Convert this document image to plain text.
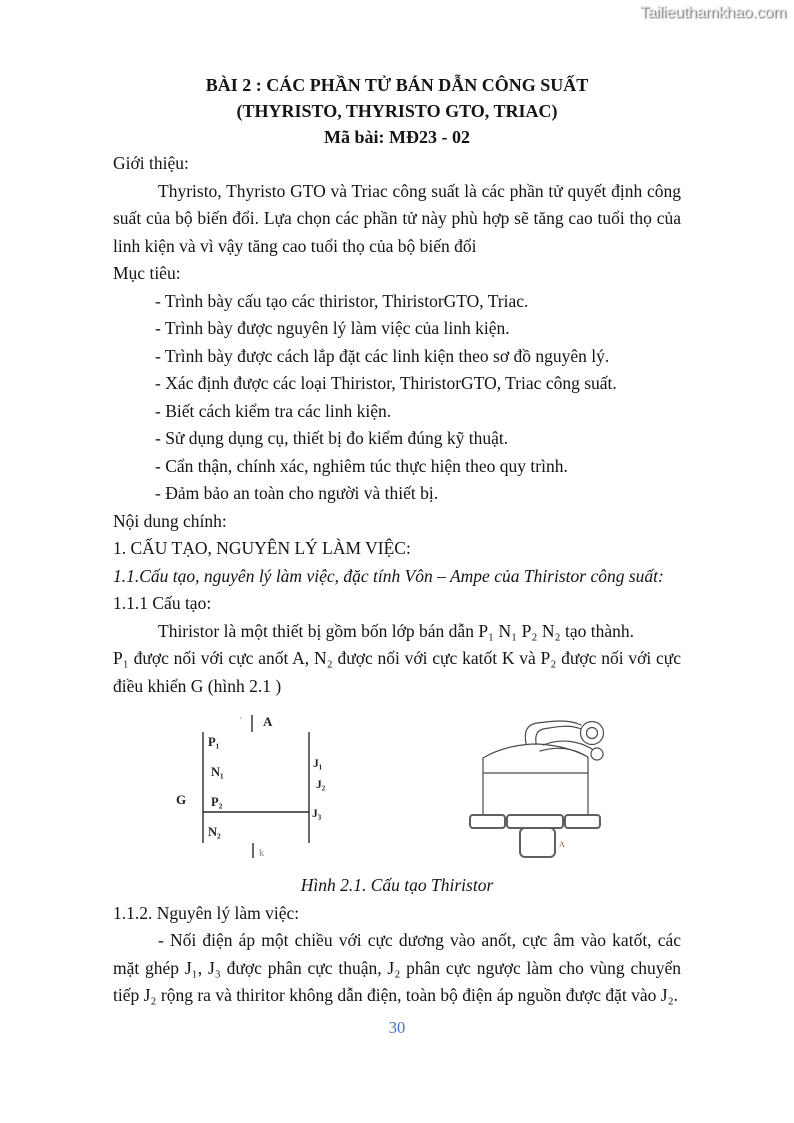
Tailieuthamkhao.com
BÀI 2 : CÁC PHẦN TỬ BÁN DẪN CÔNG SUẤT
(THYRISTO, THYRISTO GTO, TRIAC)
Mã bài: MĐ23 - 02
Giới thiệu:

Thyristo, Thyristo GTO và Triac công suất là các phần tử quyết định công suất của bộ biến đổi. Lựa chọn các phần tử này phù hợp sẽ tăng cao tuổi thọ của linh kiện và vì vậy tăng cao tuổi thọ của bộ biến đổi

Mục tiêu:
- Trình bày cấu tạo các thiristor, ThiristorGTO, Triac.
- Trình bày được nguyên lý làm việc của linh kiện.
- Trình bày được cách lắp đặt các linh kiện theo sơ đồ nguyên lý.
- Xác định được các loại Thiristor, ThiristorGTO, Triac công suất.
- Biết cách kiểm tra các linh kiện.
- Sử dụng dụng cụ, thiết bị đo kiểm đúng kỹ thuật.
- Cẩn thận, chính xác, nghiêm túc thực hiện theo quy trình.
- Đảm bảo an toàn cho người và thiết bị.
Nội dung chính:
1. CẤU TẠO, NGUYÊN LÝ LÀM VIỆC:
1.1.Cấu tạo, nguyên lý làm việc, đặc tính Vôn – Ampe của Thiristor công suất:
1.1.1 Cấu tạo:

Thiristor là một thiết bị gồm bốn lớp bán dẫn P₁ N₁ P₂ N₂ tạo thành.

P₁ được nối với cực anốt A, N₂ được nối với cực katốt K và P₂ được nối với cực điều khiển G (hình 2.1 )

' A
P₁
N₁
P₂
N₂
G
J₁
J₂
J₃
k
A
Hình 2.1. Cấu tạo Thiristor
1.1.2. Nguyên lý làm việc:

- Nối điện áp một chiều với cực dương vào anốt, cực âm vào katốt, các mặt ghép J₁, J₃ được phân cực thuận, J₂ phân cực ngược làm cho vùng chuyển tiếp J₂ rộng ra và thiritor không dẫn điện, toàn bộ điện áp nguồn được đặt vào J₂.

30
